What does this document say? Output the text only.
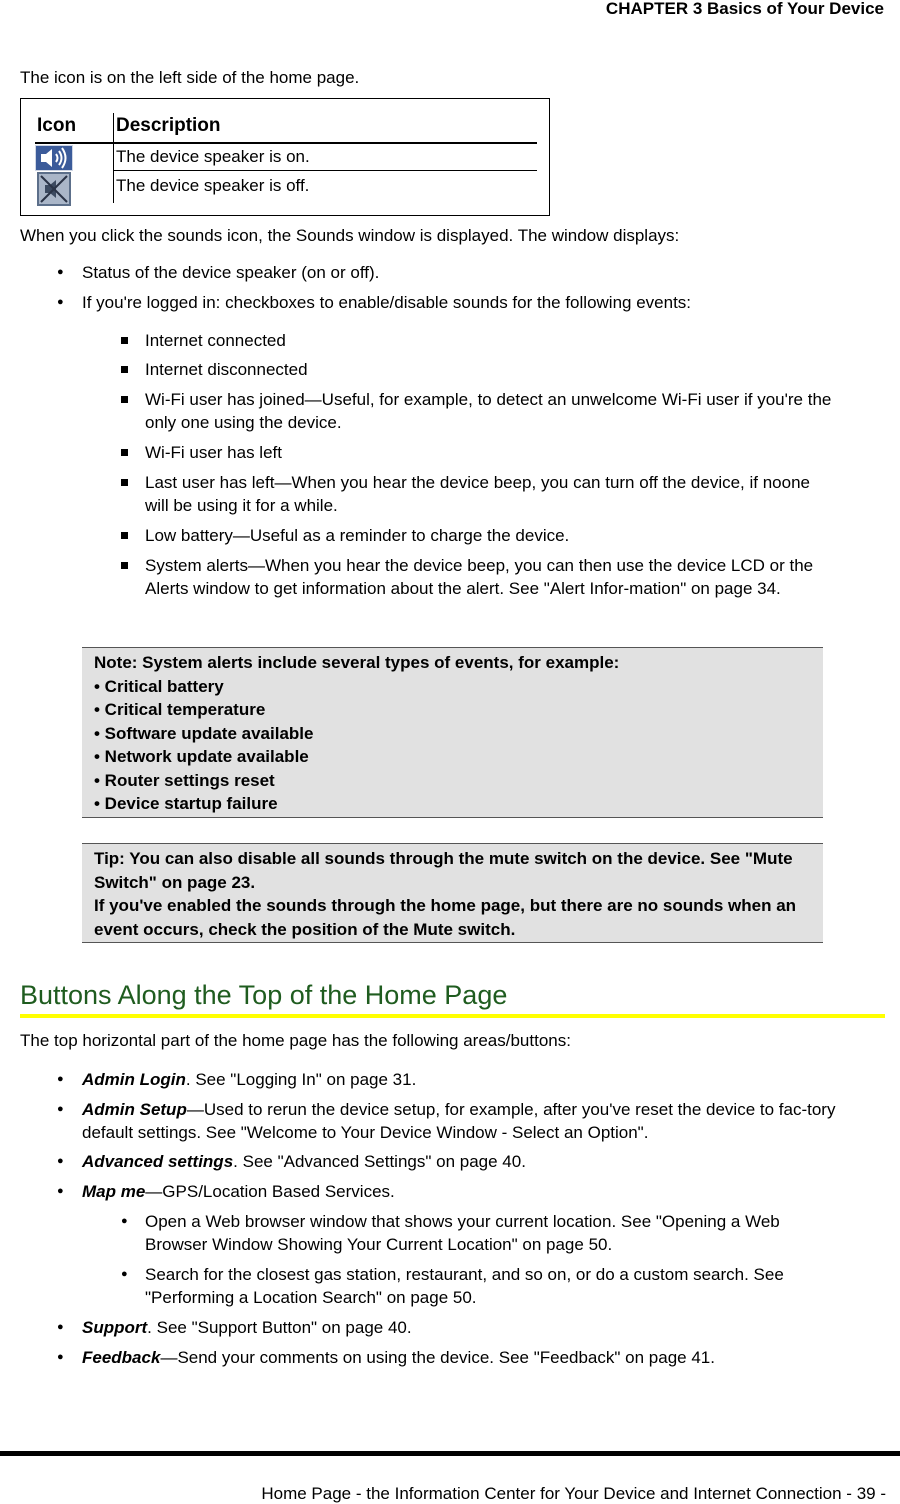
CHAPTER 3 Basics of Your Device
The icon is on the left side of the home page.
Icon Description
The device speaker is on.
The device speaker is off.
When you click the sounds icon, the Sounds window is displayed. The window displays:
● Status of the device speaker (on or off).
● If you're logged in: checkboxes to enable/disable sounds for the following events:
Internet connected
Internet disconnected
Wi-Fi user has joined—Useful, for example, to detect an unwelcome Wi-Fi user if you're the only one using the device.
Wi-Fi user has left
Last user has left—When you hear the device beep, you can turn off the device, if noone will be using it for a while.
Low battery—Useful as a reminder to charge the device.
System alerts—When you hear the device beep, you can then use the device LCD or the Alerts window to get information about the alert. See "Alert Infor-mation" on page 34.
Note: System alerts include several types of events, for example:
• Critical battery
• Critical temperature
• Software update available
• Network update available
• Router settings reset
• Device startup failure
Tip: You can also disable all sounds through the mute switch on the device. See "Mute Switch" on page 23.
If you've enabled the sounds through the home page, but there are no sounds when an event occurs, check the position of the Mute switch.
Buttons Along the Top of the Home Page
The top horizontal part of the home page has the following areas/buttons:
● Admin Login. See "Logging In" on page 31.
● Admin Setup—Used to rerun the device setup, for example, after you've reset the device to fac-tory default settings. See "Welcome to Your Device Window - Select an Option".
● Advanced settings. See "Advanced Settings" on page 40.
● Map me—GPS/Location Based Services.
● Open a Web browser window that shows your current location. See "Opening a Web Browser Window Showing Your Current Location" on page 50.
● Search for the closest gas station, restaurant, and so on, or do a custom search. See "Performing a Location Search" on page 50.
● Support. See "Support Button" on page 40.
● Feedback—Send your comments on using the device. See "Feedback" on page 41.
Home Page - the Information Center for Your Device and Internet Connection - 39 -
